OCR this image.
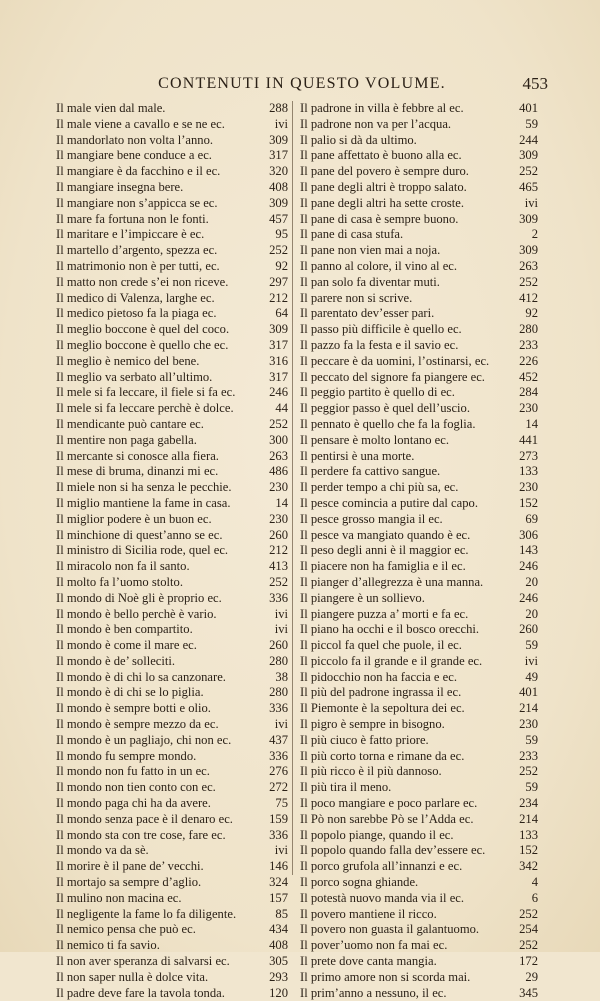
CONTENUTI IN QUESTO VOLUME.	453
Il male vien dal male.	288
Il male viene a cavallo e se ne ec.	ivi
Il mandorlato non volta l’anno.	309
Il mangiare bene conduce a ec.	317
Il mangiare è da facchino e il ec.	320
Il mangiare insegna bere.	408
Il mangiare non s’appicca se ec.	309
Il mare fa fortuna non le fonti.	457
Il maritare e l’impiccare è ec.	95
Il martello d’argento, spezza ec.	252
Il matrimonio non è per tutti, ec.	92
Il matto non crede s’ei non riceve.	297
Il medico di Valenza, larghe ec.	212
Il medico pietoso fa la piaga ec.	64
Il meglio boccone è quel del coco.	309
Il meglio boccone è quello che ec.	317
Il meglio è nemico del bene.	316
Il meglio va serbato all’ultimo.	317
Il mele si fa leccare, il fiele si fa ec.	246
Il mele si fa leccare perchè è dolce.	44
Il mendicante può cantare ec.	252
Il mentire non paga gabella.	300
Il mercante si conosce alla fiera.	263
Il mese di bruma, dinanzi mi ec.	486
Il miele non si ha senza le pecchie.	230
Il miglio mantiene la fame in casa.	14
Il miglior podere è un buon ec.	230
Il minchione di quest’anno se ec.	260
Il ministro di Sicilia rode, quel ec.	212
Il miracolo non fa il santo.	413
Il molto fa l’uomo stolto.	252
Il mondo di Noè gli è proprio ec.	336
Il mondo è bello perchè è vario.	ivi
Il mondo è ben compartito.	ivi
Il mondo è come il mare ec.	260
Il mondo è de’ solleciti.	280
Il mondo è di chi lo sa canzonare.	38
Il mondo è di chi se lo piglia.	280
Il mondo è sempre botti e olio.	336
Il mondo è sempre mezzo da ec.	ivi
Il mondo è un pagliajo, chi non ec.	437
Il mondo fu sempre mondo.	336
Il mondo non fu fatto in un ec.	276
Il mondo non tien conto con ec.	272
Il mondo paga chi ha da avere.	75
Il mondo senza pace è il denaro ec.	159
Il mondo sta con tre cose, fare ec.	336
Il mondo va da sè.	ivi
Il morire è il pane de’ vecchi.	146
Il mortajo sa sempre d’aglio.	324
Il mulino non macina ec.	157
Il negligente la fame lo fa diligente.	85
Il nemico pensa che può ec.	434
Il nemico ti fa savio.	408
Il non aver speranza di salvarsi ec.	305
Il non saper nulla è dolce vita.	293
Il padre deve fare la tavola tonda.	120
Il padrone in villa è febbre al ec.	401
Il padrone non va per l’acqua.	59
Il palio si dà da ultimo.	244
Il pane affettato è buono alla ec.	309
Il pane del povero è sempre duro.	252
Il pane degli altri è troppo salato.	465
Il pane degli altri ha sette croste.	ivi
Il pane di casa è sempre buono.	309
Il pane di casa stufa.	2
Il pane non vien mai a noja.	309
Il panno al colore, il vino al ec.	263
Il pan solo fa diventar muti.	252
Il parere non si scrive.	412
Il parentato dev’esser pari.	92
Il passo più difficile è quello ec.	280
Il pazzo fa la festa e il savio ec.	233
Il peccare è da uomini, l’ostinarsi, ec.	226
Il peccato del signore fa piangere ec.	452
Il peggio partito è quello di ec.	284
Il peggior passo è quel dell’uscio.	230
Il pennato è quello che fa la foglia.	14
Il pensare è molto lontano ec.	441
Il pentirsi è una morte.	273
Il perdere fa cattivo sangue.	133
Il perder tempo a chi più sa, ec.	230
Il pesce comincia a putire dal capo.	152
Il pesce grosso mangia il ec.	69
Il pesce va mangiato quando è ec.	306
Il peso degli anni è il maggior ec.	143
Il piacere non ha famiglia e il ec.	246
Il pianger d’allegrezza è una manna.	20
Il piangere è un sollievo.	246
Il piangere puzza a’ morti e fa ec.	20
Il piano ha occhi e il bosco orecchi.	260
Il piccol fa quel che puole, il ec.	59
Il piccolo fa il grande e il grande ec.	ivi
Il pidocchio non ha faccia e ec.	49
Il più del padrone ingrassa il ec.	401
Il Piemonte è la sepoltura dei ec.	214
Il pigro è sempre in bisogno.	230
Il più ciuco è fatto priore.	59
Il più corto torna e rimane da ec.	233
Il più ricco è il più dannoso.	252
Il più tira il meno.	59
Il poco mangiare e poco parlare ec.	234
Il Pò non sarebbe Pò se l’Adda ec.	214
Il popolo piange, quando il ec.	133
Il popolo quando falla dev’essere ec.	152
Il porco grufola all’innanzi e ec.	342
Il porco sogna ghiande.	4
Il potestà nuovo manda via il ec.	6
Il povero mantiene il ricco.	252
Il povero non guasta il galantuomo.	254
Il pover’uomo non fa mai ec.	252
Il prete dove canta mangia.	172
Il primo amore non si scorda mai.	29
Il prim’anno a nessuno, il ec.	345
